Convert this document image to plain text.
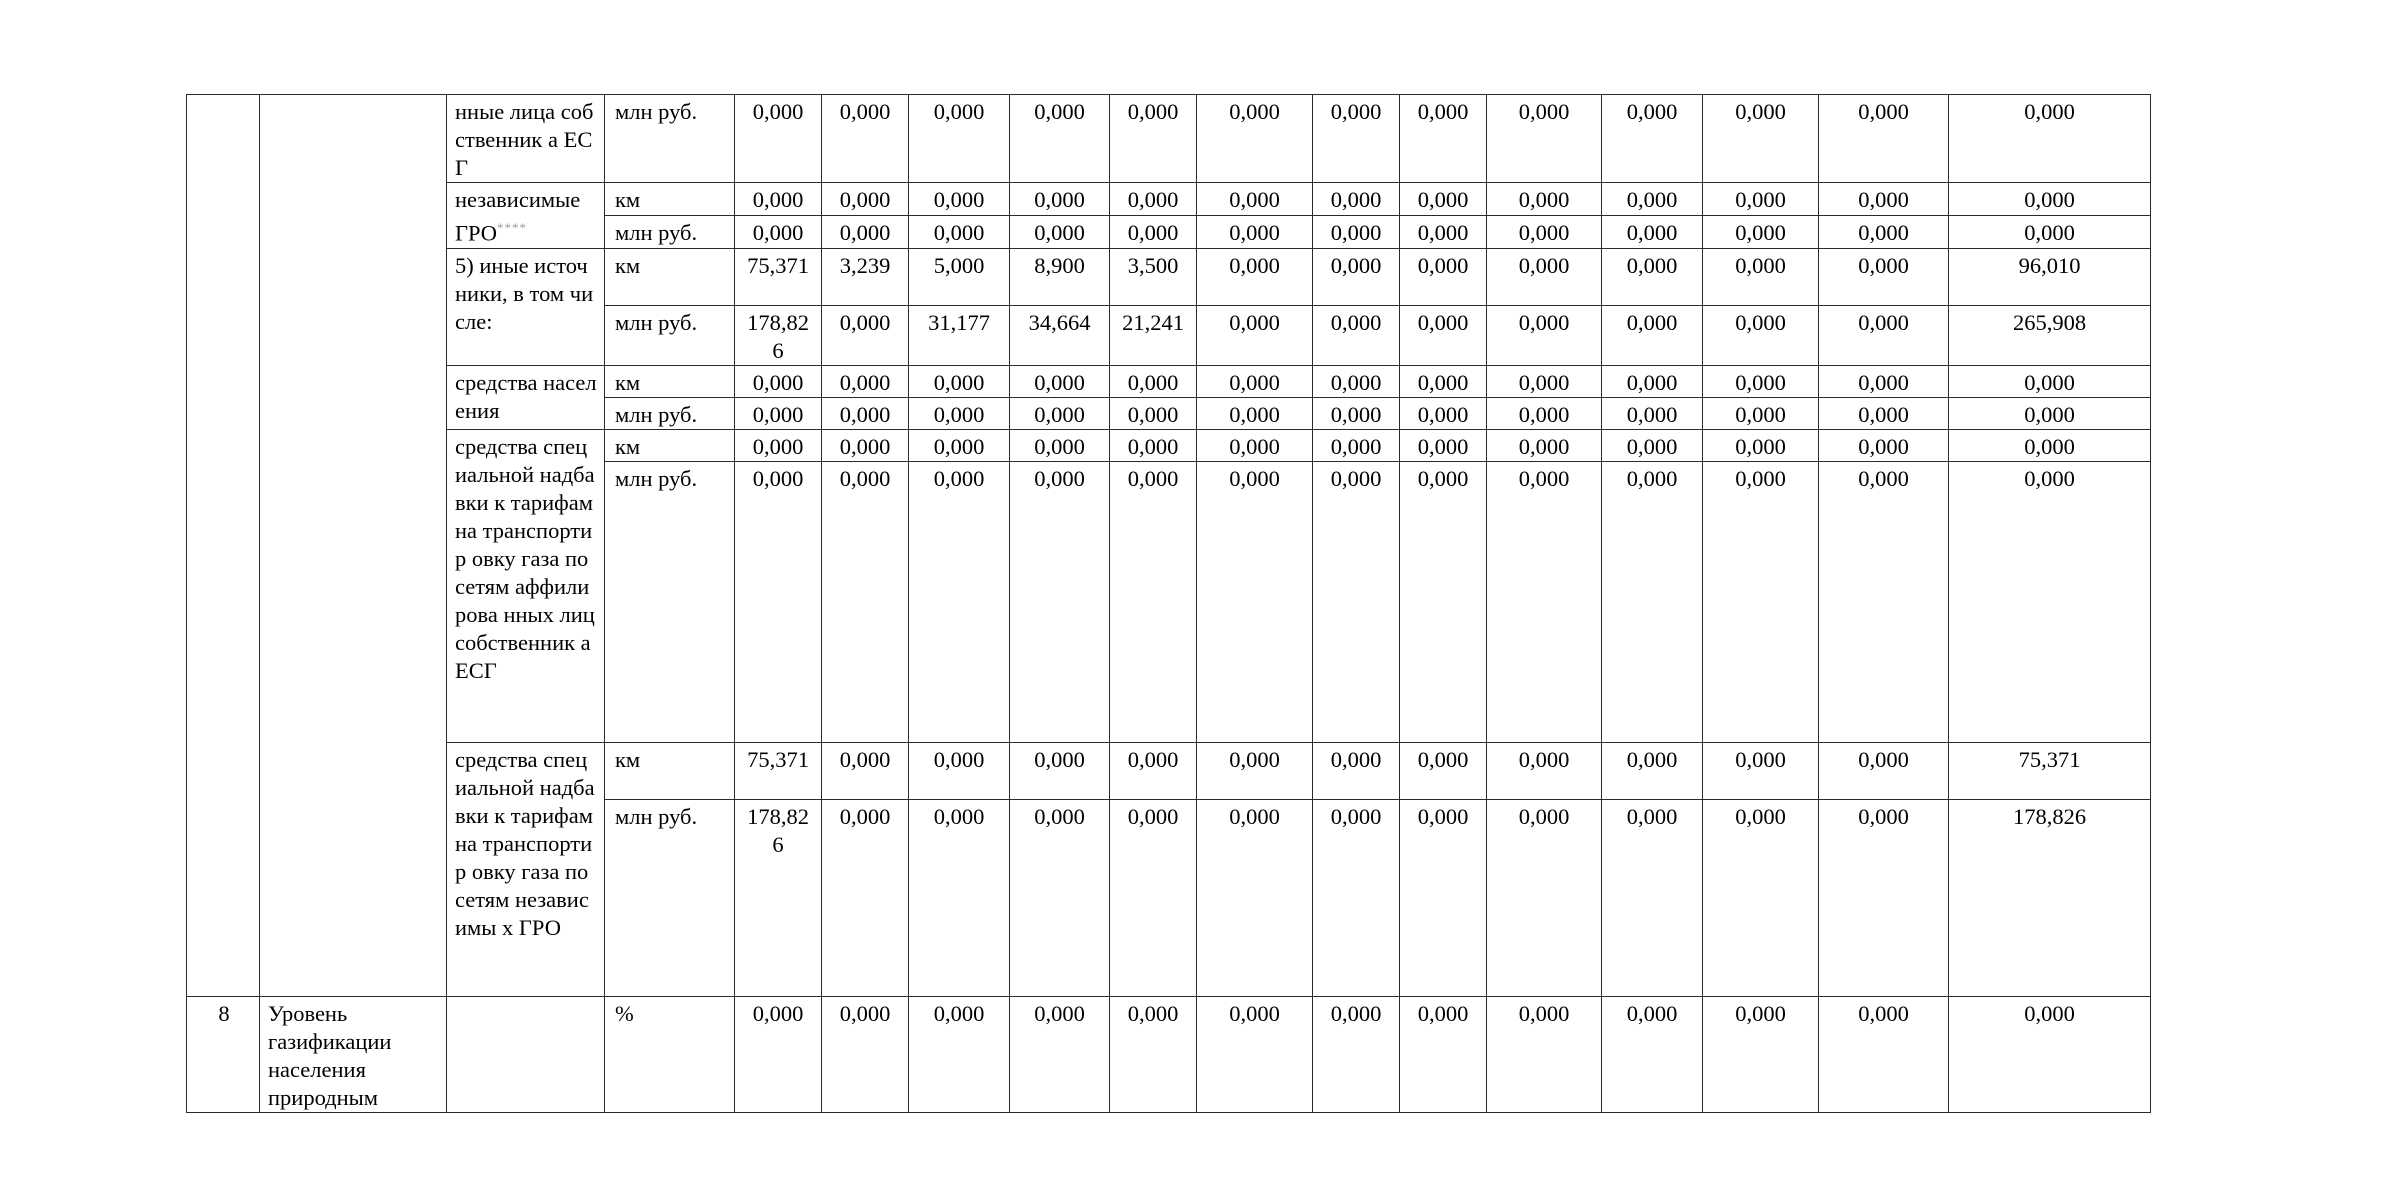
		нные лица собственник а ЕСГ	млн руб.	0,000	0,000	0,000	0,000	0,000	0,000	0,000	0,000	0,000	0,000	0,000	0,000	0,000
		независимые ГРО****	км	0,000	0,000	0,000	0,000	0,000	0,000	0,000	0,000	0,000	0,000	0,000	0,000	0,000
			млн руб.	0,000	0,000	0,000	0,000	0,000	0,000	0,000	0,000	0,000	0,000	0,000	0,000	0,000
		5) иные источники, в том числе:	км	75,371	3,239	5,000	8,900	3,500	0,000	0,000	0,000	0,000	0,000	0,000	0,000	96,010
			млн руб.	178,826	0,000	31,177	34,664	21,241	0,000	0,000	0,000	0,000	0,000	0,000	0,000	265,908
		средства населения	км	0,000	0,000	0,000	0,000	0,000	0,000	0,000	0,000	0,000	0,000	0,000	0,000	0,000
			млн руб.	0,000	0,000	0,000	0,000	0,000	0,000	0,000	0,000	0,000	0,000	0,000	0,000	0,000
		средства специальной надбавки к тарифам на транспортир овку газа по сетям аффилирова нных лиц собственник а ЕСГ	км	0,000	0,000	0,000	0,000	0,000	0,000	0,000	0,000	0,000	0,000	0,000	0,000	0,000
			млн руб.	0,000	0,000	0,000	0,000	0,000	0,000	0,000	0,000	0,000	0,000	0,000	0,000	0,000
		средства специальной надбавки к тарифам на транспортир овку газа по сетям независимы х ГРО	км	75,371	0,000	0,000	0,000	0,000	0,000	0,000	0,000	0,000	0,000	0,000	0,000	75,371
			млн руб.	178,826	0,000	0,000	0,000	0,000	0,000	0,000	0,000	0,000	0,000	0,000	0,000	178,826
8	Уровень газификации населения природным		%	0,000	0,000	0,000	0,000	0,000	0,000	0,000	0,000	0,000	0,000	0,000	0,000	0,000
